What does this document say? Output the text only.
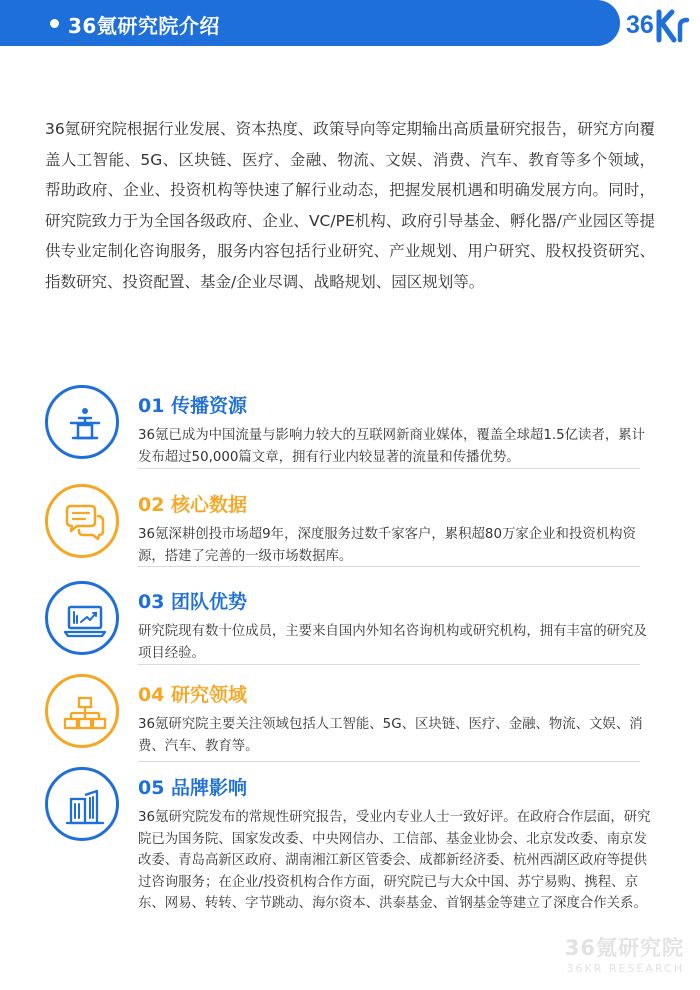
36氪研究院介绍	36
36氪研究院根据行业发展、资本热度、政策导向等定期输出高质量研究报告，研究方向覆盖人工智能、5G、区块链、医疗、金融、物流、文娱、消费、汽车、教育等多个领域，帮助政府、企业、投资机构等快速了解行业动态，把握发展机遇和明确发展方向。同时，研究院致力于为全国各级政府、企业、VC/PE机构、政府引导基金、孵化器/产业园区等提供专业定制化咨询服务，服务内容包括行业研究、产业规划、用户研究、股权投资研究、指数研究、投资配置、基金/企业尽调、战略规划、园区规划等。
01 传播资源
36氪已成为中国流量与影响力较大的互联网新商业媒体，覆盖全球超1.5亿读者，累计发布超过50,000篇文章，拥有行业内较显著的流量和传播优势。
02 核心数据
36氪深耕创投市场超9年，深度服务过数千家客户，累积超80万家企业和投资机构资源，搭建了完善的一级市场数据库。
03 团队优势
研究院现有数十位成员，主要来自国内外知名咨询机构或研究机构，拥有丰富的研究及项目经验。
04 研究领域
36氪研究院主要关注领域包括人工智能、5G、区块链、医疗、金融、物流、文娱、消费、汽车、教育等。
05 品牌影响
36氪研究院发布的常规性研究报告，受业内专业人士一致好评。在政府合作层面，研究院已为国务院、国家发改委、中央网信办、工信部、基金业协会、北京发改委、南京发改委、青岛高新区政府、湖南湘江新区管委会、成都新经济委、杭州西湖区政府等提供过咨询服务；在企业/投资机构合作方面，研究院已与大众中国、苏宁易购、携程、京东、网易、转转、字节跳动、海尔资本、洪泰基金、首钢基金等建立了深度合作关系。
36氪研究院
36KR RESEARCH
